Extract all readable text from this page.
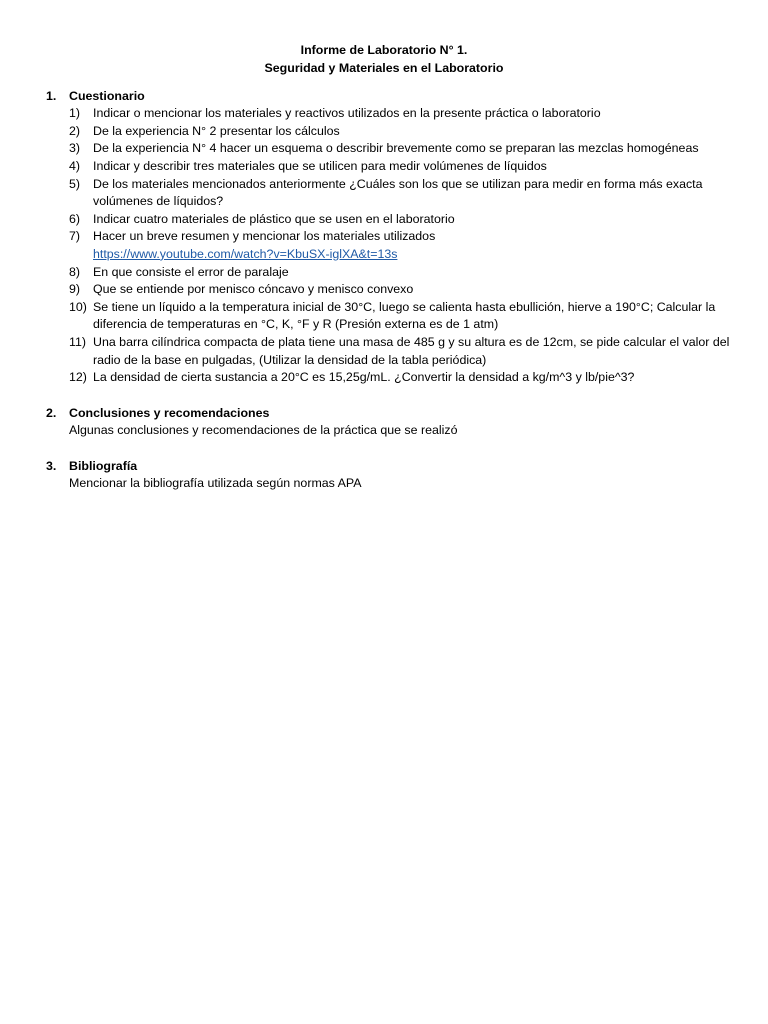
Informe de Laboratorio N° 1.
Seguridad y Materiales en el Laboratorio
1.	Cuestionario
1)	Indicar o mencionar los materiales y reactivos utilizados en la presente práctica o laboratorio
2)	De la experiencia N° 2 presentar los cálculos
3)	De la experiencia N° 4 hacer un esquema o describir brevemente como se preparan las mezclas homogéneas
4)	Indicar y describir tres materiales que se utilicen para medir volúmenes de líquidos
5)	De los materiales mencionados anteriormente ¿Cuáles son los que se utilizan para medir en forma más exacta volúmenes de líquidos?
6)	Indicar cuatro materiales de plástico que se usen en el laboratorio
7)	Hacer un breve resumen y mencionar los materiales utilizados
https://www.youtube.com/watch?v=KbuSX-iglXA&t=13s
8)	En que consiste el error de paralaje
9)	Que se entiende por menisco cóncavo y menisco convexo
10) Se tiene un líquido a la temperatura inicial de 30°C, luego se calienta hasta ebullición, hierve a 190°C; Calcular la diferencia de temperaturas en °C, K, °F y R (Presión externa es de 1 atm)
11) Una barra cilíndrica compacta de plata tiene una masa de 485 g y su altura es de 12cm, se pide calcular el valor del radio de la base en pulgadas, (Utilizar la densidad de la tabla periódica)
12) La densidad de cierta sustancia a 20°C es 15,25g/mL. ¿Convertir la densidad a kg/m^3 y lb/pie^3?
2.	Conclusiones y recomendaciones
Algunas conclusiones y recomendaciones de la práctica que se realizó
3.	Bibliografía
Mencionar la bibliografía utilizada según normas APA
